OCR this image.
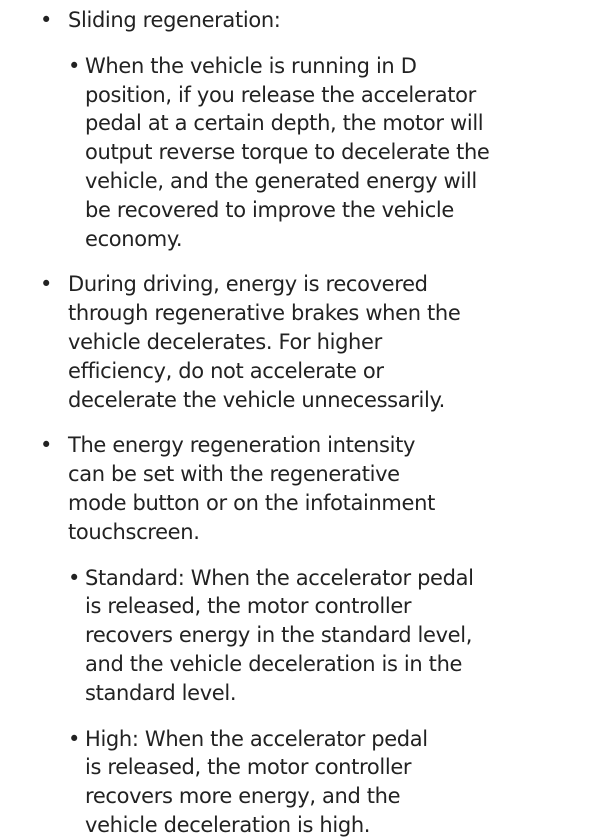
• Sliding regeneration:

• When the vehicle is running in D position, if you release the accelerator pedal at a certain depth, the motor will output reverse torque to decelerate the vehicle, and the generated energy will be recovered to improve the vehicle economy.

• During driving, energy is recovered through regenerative brakes when the vehicle decelerates. For higher efficiency, do not accelerate or decelerate the vehicle unnecessarily.

• The energy regeneration intensity can be set with the regenerative mode button or on the infotainment touchscreen.

• Standard: When the accelerator pedal is released, the motor controller recovers energy in the standard level, and the vehicle deceleration is in the standard level.

• High: When the accelerator pedal is released, the motor controller recovers more energy, and the vehicle deceleration is high.
